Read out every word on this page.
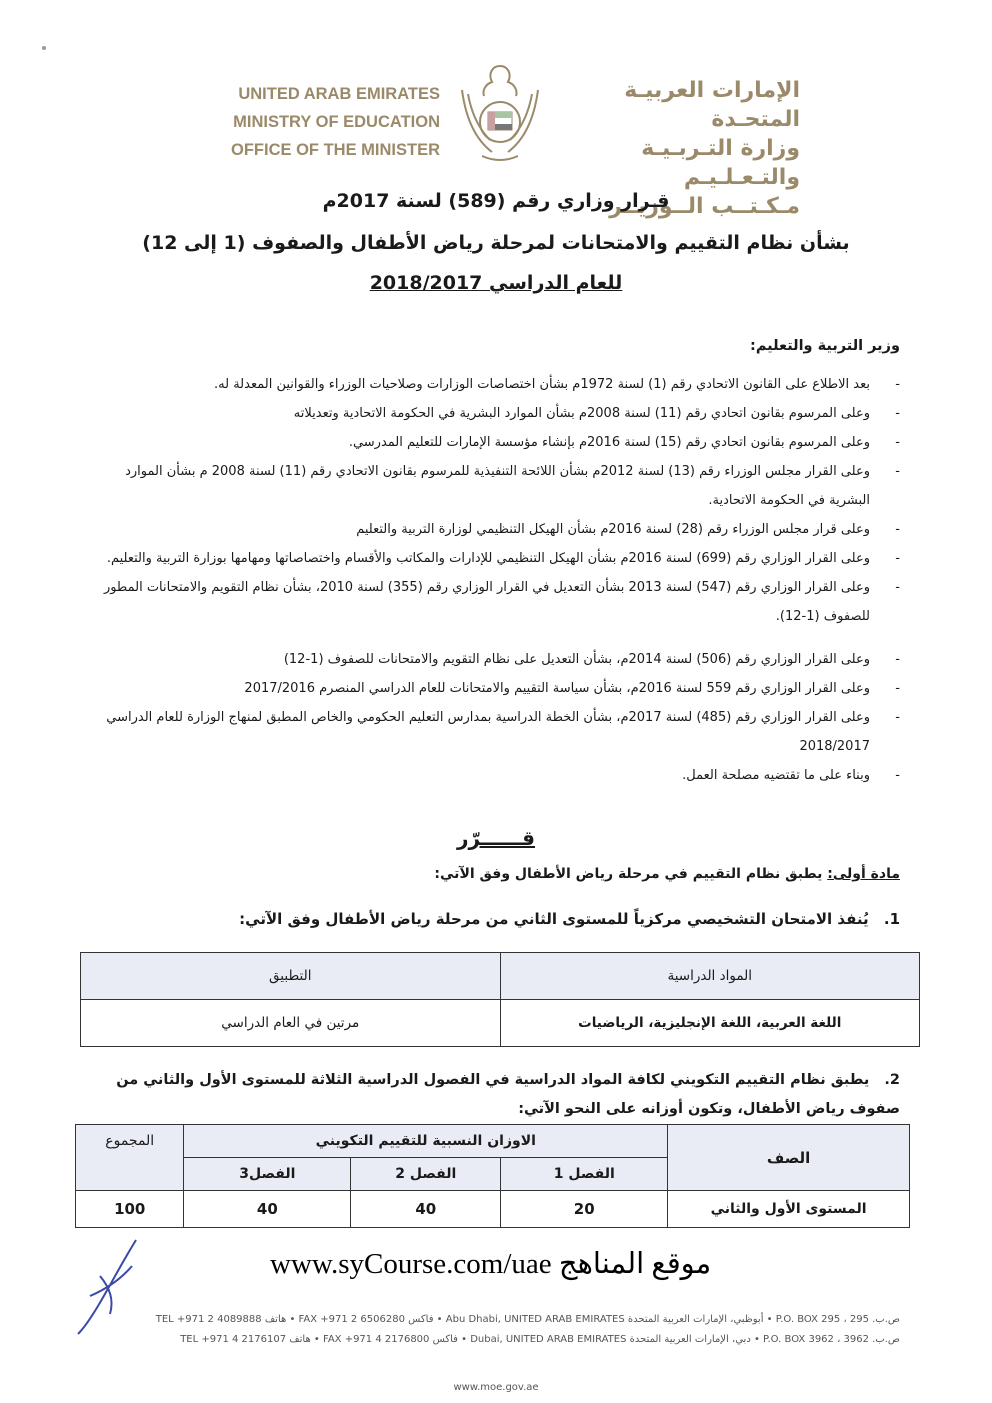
UNITED ARAB EMIRATES
MINISTRY OF EDUCATION
OFFICE OF THE MINISTER
الإمارات العربيـة المتحـدة
وزارة التـربـيـة والتـعـلـيـم
مـكـتــب الــوزيــر
قـرار وزاري رقم (589) لسنة 2017م
بشأن نظام التقييم والامتحانات لمرحلة رياض الأطفال والصفوف (1 إلى 12)
للعام الدراسي 2018/2017
وزير التربية والتعليم:
-
بعد الاطلاع على القانون الاتحادي رقم (1) لسنة 1972م بشأن اختصاصات الوزارات وصلاحيات الوزراء والقوانين المعدلة له.
-
وعلى المرسوم بقانون اتحادي رقم (11) لسنة 2008م بشأن الموارد البشرية في الحكومة الاتحادية وتعديلاته
-
وعلى المرسوم بقانون اتحادي رقم (15) لسنة 2016م بإنشاء مؤسسة الإمارات للتعليم المدرسي.
-
وعلى القرار مجلس الوزراء رقم (13) لسنة 2012م بشأن اللائحة التنفيذية للمرسوم بقانون الاتحادي رقم (11) لسنة 2008 م بشأن الموارد البشرية في الحكومة الاتحادية.
-
وعلى قرار مجلس الوزراء رقم (28) لسنة 2016م بشأن الهيكل التنظيمي لوزارة التربية والتعليم
-
وعلى القرار الوزاري رقم (699) لسنة 2016م بشأن الهيكل التنظيمي للإدارات والمكاتب والأقسام واختصاصاتها ومهامها بوزارة التربية والتعليم.
-
وعلى القرار الوزاري رقم (547) لسنة 2013 بشأن التعديل في القرار الوزاري رقم (355) لسنة 2010، بشأن نظام التقويم والامتحانات المطور للصفوف (1-12).
-
وعلى القرار الوزاري رقم (506) لسنة 2014م، بشأن التعديل على نظام التقويم والامتحانات للصفوف (1-12)
-
وعلى القرار الوزاري رقم 559 لسنة 2016م، بشأن سياسة التقييم والامتحانات للعام الدراسي المنصرم 2017/2016
-
وعلى القرار الوزاري رقم (485) لسنة 2017م، بشأن الخطة الدراسية بمدارس التعليم الحكومي والخاص المطبق لمنهاج الوزارة للعام الدراسي 2018/2017
-
وبناء على ما تقتضيه مصلحة العمل.
قــــــرّر
مادة أولى: يطبق نظام التقييم في مرحلة رياض الأطفال وفق الآتي:
1. يُنفذ الامتحان التشخيصي مركزياً للمستوى الثاني من مرحلة رياض الأطفال وفق الآتي:
المواد الدراسية	التطبيق
اللغة العربية، اللغة الإنجليزية، الرياضيات	مرتين في العام الدراسي
2. يطبق نظام التقييم التكويني لكافة المواد الدراسية في الفصول الدراسية الثلاثة للمستوى الأول والثاني من صفوف رياض الأطفال، وتكون أوزانه على النحو الآتي:
الصف	الاوزان النسبية للتقييم التكويني			المجموع
	الفصل 1	الفصل 2	الفصل3	
المستوى الأول والثاني	20	40	40	100
www.syCourse.com/uae موقع المناهج
ص.ب. 295 ، P.O. BOX 295 • أبوظبي، الإمارات العربية المتحدة Abu Dhabi, UNITED ARAB EMIRATES • فاكس FAX +971 2 6506280 • هاتف TEL +971 2 4089888
ص.ب. 3962 ، P.O. BOX 3962 • دبي، الإمارات العربية المتحدة Dubai, UNITED ARAB EMIRATES • فاكس FAX +971 4 2176800 • هاتف TEL +971 4 2176107
www.moe.gov.ae
